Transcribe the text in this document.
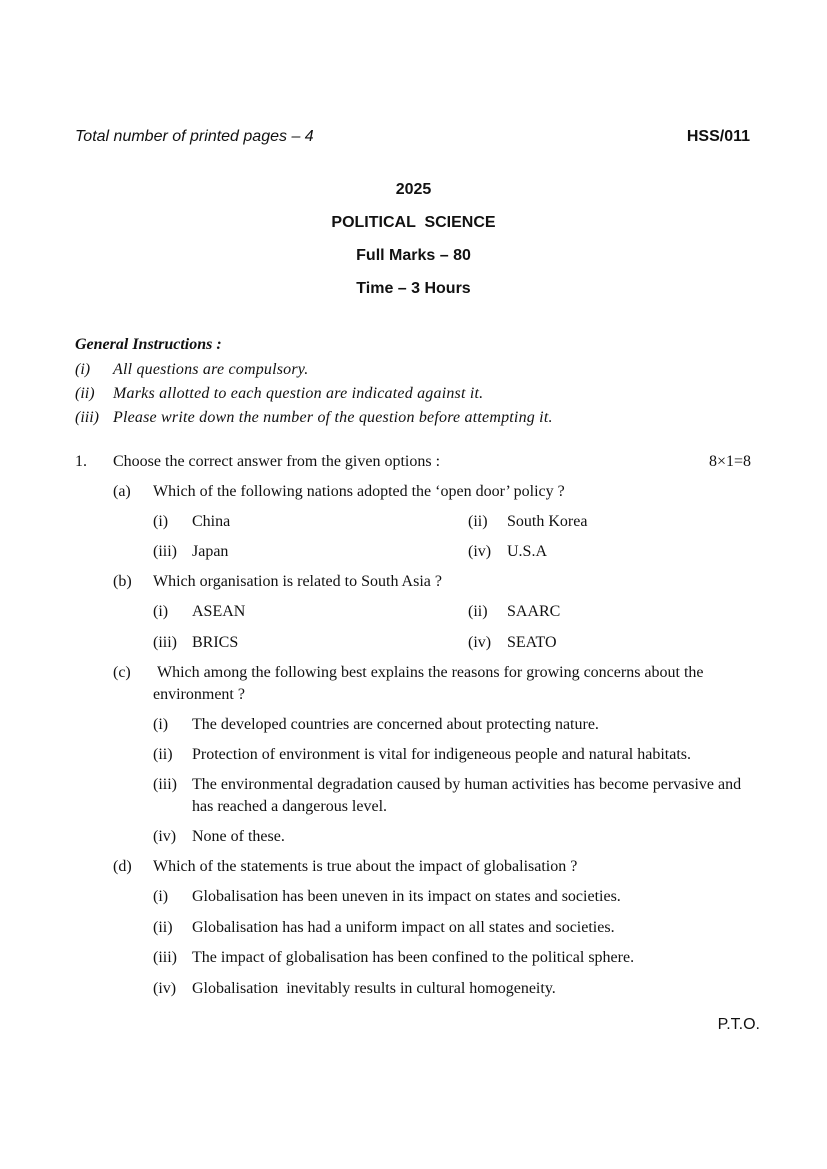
Total number of printed pages – 4	HSS/011
2025
POLITICAL  SCIENCE
Full Marks – 80
Time – 3 Hours
General Instructions :
(i) All questions are compulsory.
(ii) Marks allotted to each question are indicated against it.
(iii) Please write down the number of the question before attempting it.
1. Choose the correct answer from the given options :	8×1=8
(a) Which of the following nations adopted the ‘open door’ policy ?
(i) China	(ii) South Korea
(iii) Japan	(iv) U.S.A
(b) Which organisation is related to South Asia ?
(i) ASEAN	(ii) SAARC
(iii) BRICS	(iv) SEATO
(c) Which among the following best explains the reasons for growing concerns about the environment ?
(i) The developed countries are concerned about protecting nature.
(ii) Protection of environment is vital for indigeneous people and natural habitats.
(iii) The environmental degradation caused by human activities has become pervasive and has reached a dangerous level.
(iv) None of these.
(d) Which of the statements is true about the impact of globalisation ?
(i) Globalisation has been uneven in its impact on states and societies.
(ii) Globalisation has had a uniform impact on all states and societies.
(iii) The impact of globalisation has been confined to the political sphere.
(iv) Globalisation  inevitably results in cultural homogeneity.
P.T.O.
